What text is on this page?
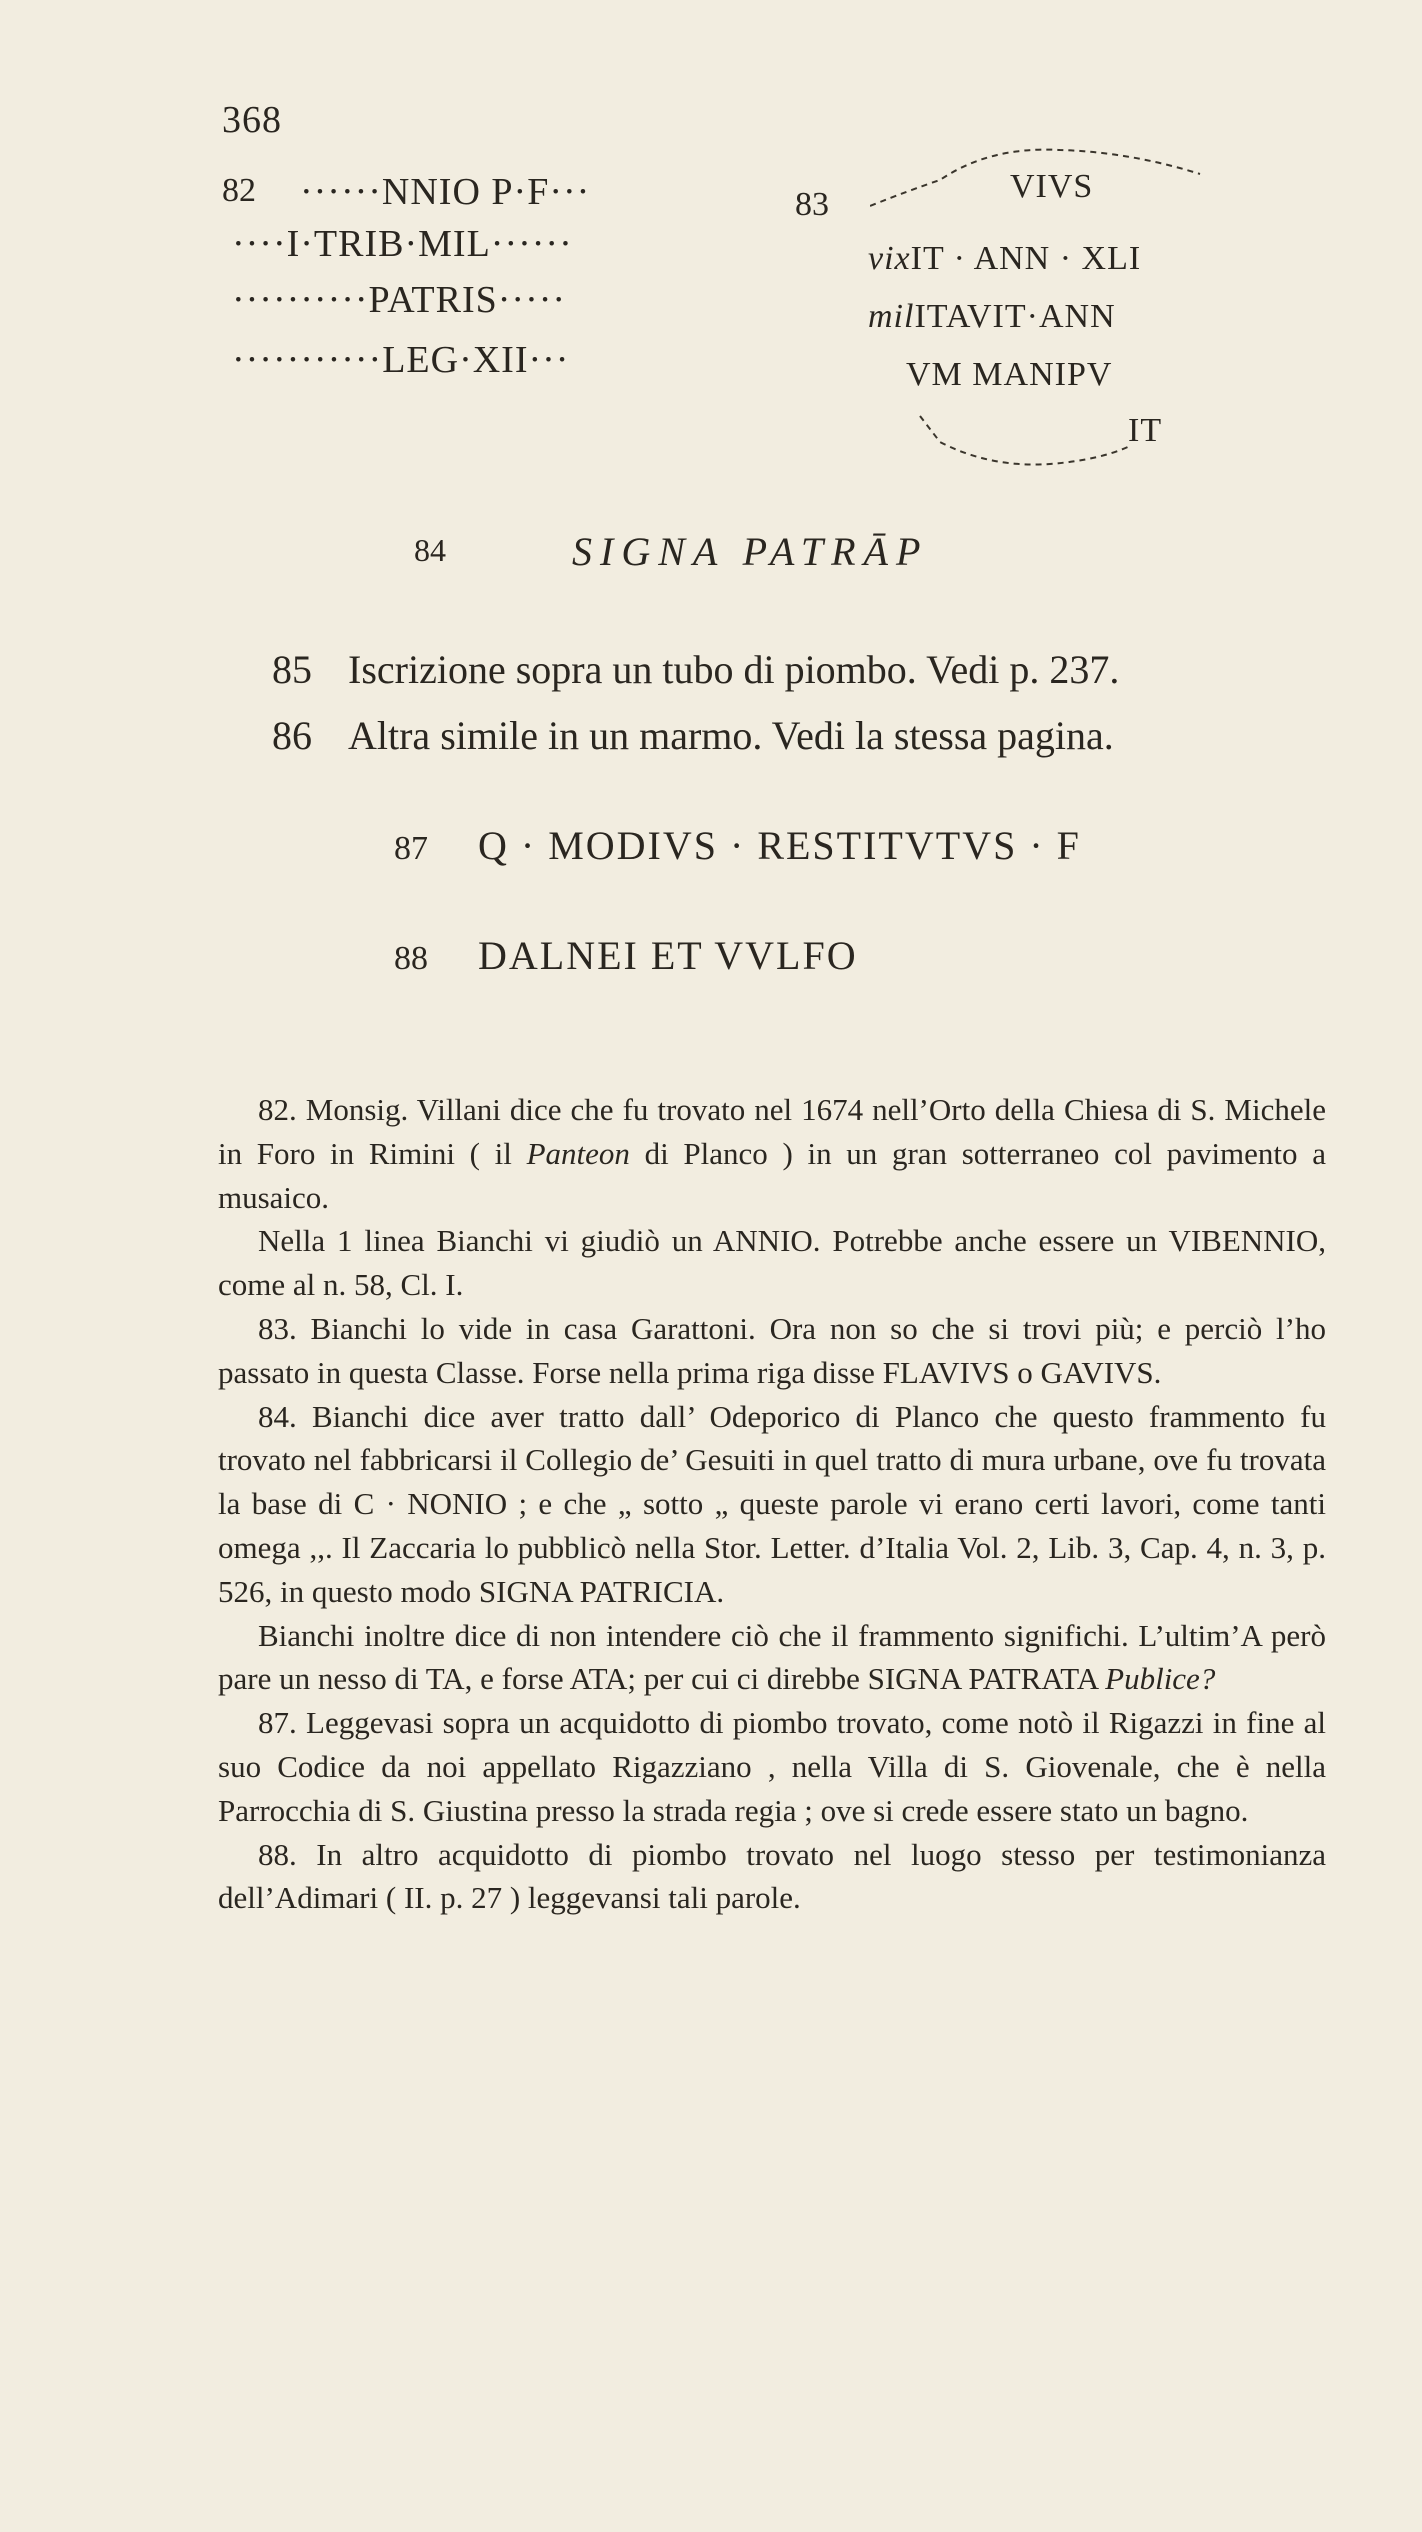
368
82 ······NNIO P·F···
····I·TRIB·MIL······
··········PATRIS·····
···········LEG·XII···
83	VIVS
vixIT · ANN · XLI
milITAVIT·ANN
VM MANIPV
IT
84	SIGNA PATRĀP
85 Iscrizione sopra un tubo di piombo. Vedi p. 237.
86 Altra simile in un marmo. Vedi la stessa pagina.
87 Q · MODIVS · RESTITVTVS · F
88 DALNEI ET VVLFO

82. Monsig. Villani dice che fu trovato nel 1674 nell’Orto della Chiesa di S. Michele in Foro in Rimini ( il Panteon di Planco ) in un gran sotterraneo col pavimento a musaico.

Nella 1 linea Bianchi vi giudiò un ANNIO. Potrebbe anche essere un VIBENNIO, come al n. 58, Cl. I.

83. Bianchi lo vide in casa Garattoni. Ora non so che si trovi più; e perciò l’ho passato in questa Classe. Forse nella prima riga disse FLAVIVS o GAVIVS.

84. Bianchi dice aver tratto dall’ Odeporico di Planco che questo frammento fu trovato nel fabbricarsi il Collegio de’ Gesuiti in quel tratto di mura urbane, ove fu trovata la base di C · NONIO ; e che „ sotto „ queste parole vi erano certi lavori, come tanti omega ,,. Il Zaccaria lo pubblicò nella Stor. Letter. d’Italia Vol. 2, Lib. 3, Cap. 4, n. 3, p. 526, in questo modo SIGNA PATRICIA.

Bianchi inoltre dice di non intendere ciò che il frammento significhi. L’ultim’A però pare un nesso di TA, e forse ATA; per cui ci direbbe SIGNA PATRATA Publice?

87. Leggevasi sopra un acquidotto di piombo trovato, come notò il Rigazzi in fine al suo Codice da noi appellato Rigazziano , nella Villa di S. Giovenale, che è nella Parrocchia di S. Giustina presso la strada regia ; ove si crede essere stato un bagno.

88. In altro acquidotto di piombo trovato nel luogo stesso per testimonianza dell’Adimari ( II. p. 27 ) leggevansi tali parole.
